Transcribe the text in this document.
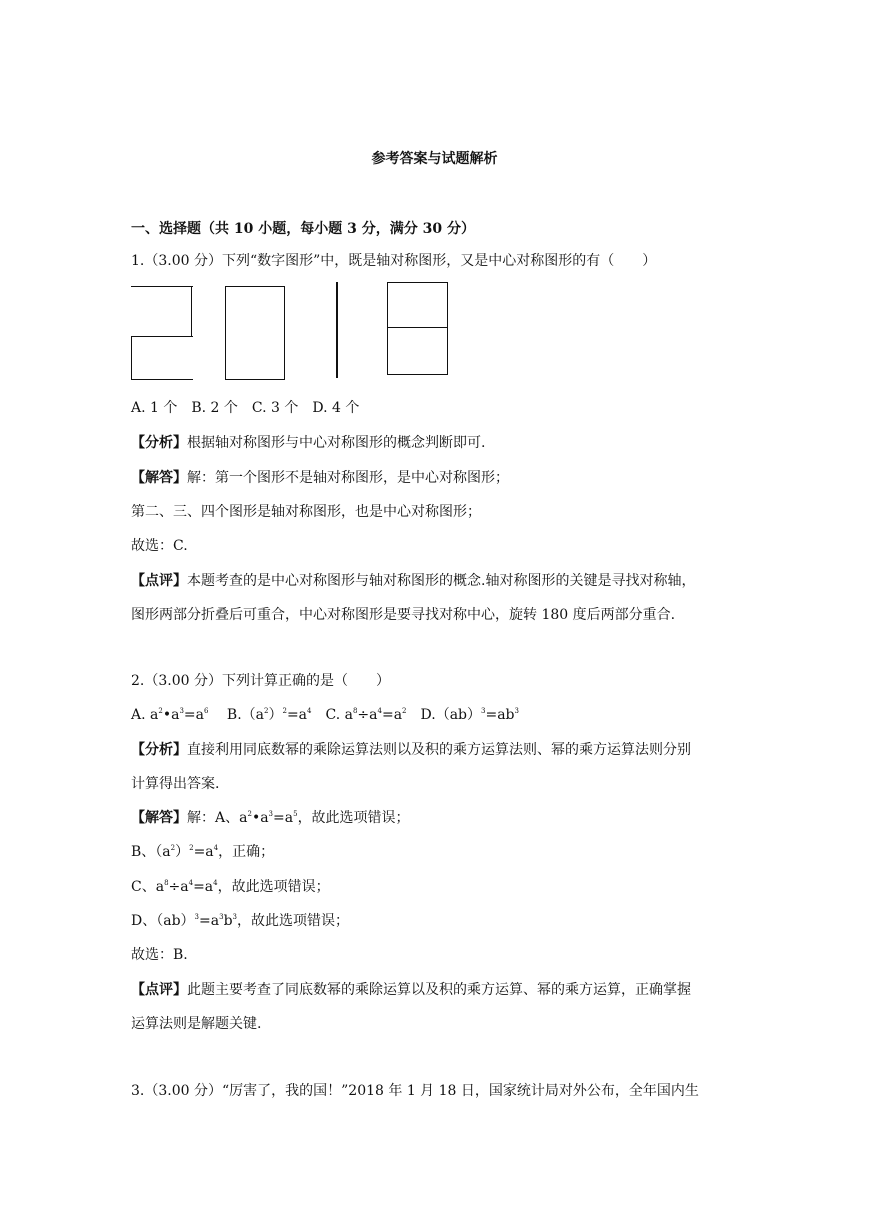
参考答案与试题解析
一、选择题（共 10 小题，每小题 3 分，满分 30 分）
1.（3.00 分）下列“数字图形”中，既是轴对称图形，又是中心对称图形的有（　　）
A. 1 个　B. 2 个　C. 3 个　D. 4 个
【分析】根据轴对称图形与中心对称图形的概念判断即可.
【解答】解：第一个图形不是轴对称图形，是中心对称图形；
第二、三、四个图形是轴对称图形，也是中心对称图形；
故选：C.
【点评】本题考查的是中心对称图形与轴对称图形的概念.轴对称图形的关键是寻找对称轴，
图形两部分折叠后可重合，中心对称图形是要寻找对称中心，旋转 180 度后两部分重合.
2.（3.00 分）下列计算正确的是（　　）
A. $a^2•a^3=a^6$　 $B.(a^2)^2=a^4$　C. $a^8\div a^4=a^2$　$D.(ab)^3=ab^3$
【分析】直接利用同底数幂的乘除运算法则以及积的乘方运算法则、幂的乘方运算法则分别
计算得出答案.
【解答】解：A、$a^2•a^3=a^5$，故此选项错误；
B、$(a^2)^2=a^4$，正确；
C、$a^8\div a^4=a^4$，故此选项错误；
D、$(ab)^3=a^3b^3$，故此选项错误；
故选：B.
【点评】此题主要考查了同底数幂的乘除运算以及积的乘方运算、幂的乘方运算，正确掌握
运算法则是解题关键.
3.（3.00 分）“厉害了，我的国！”2018 年 1 月 18 日，国家统计局对外公布，全年国内生
